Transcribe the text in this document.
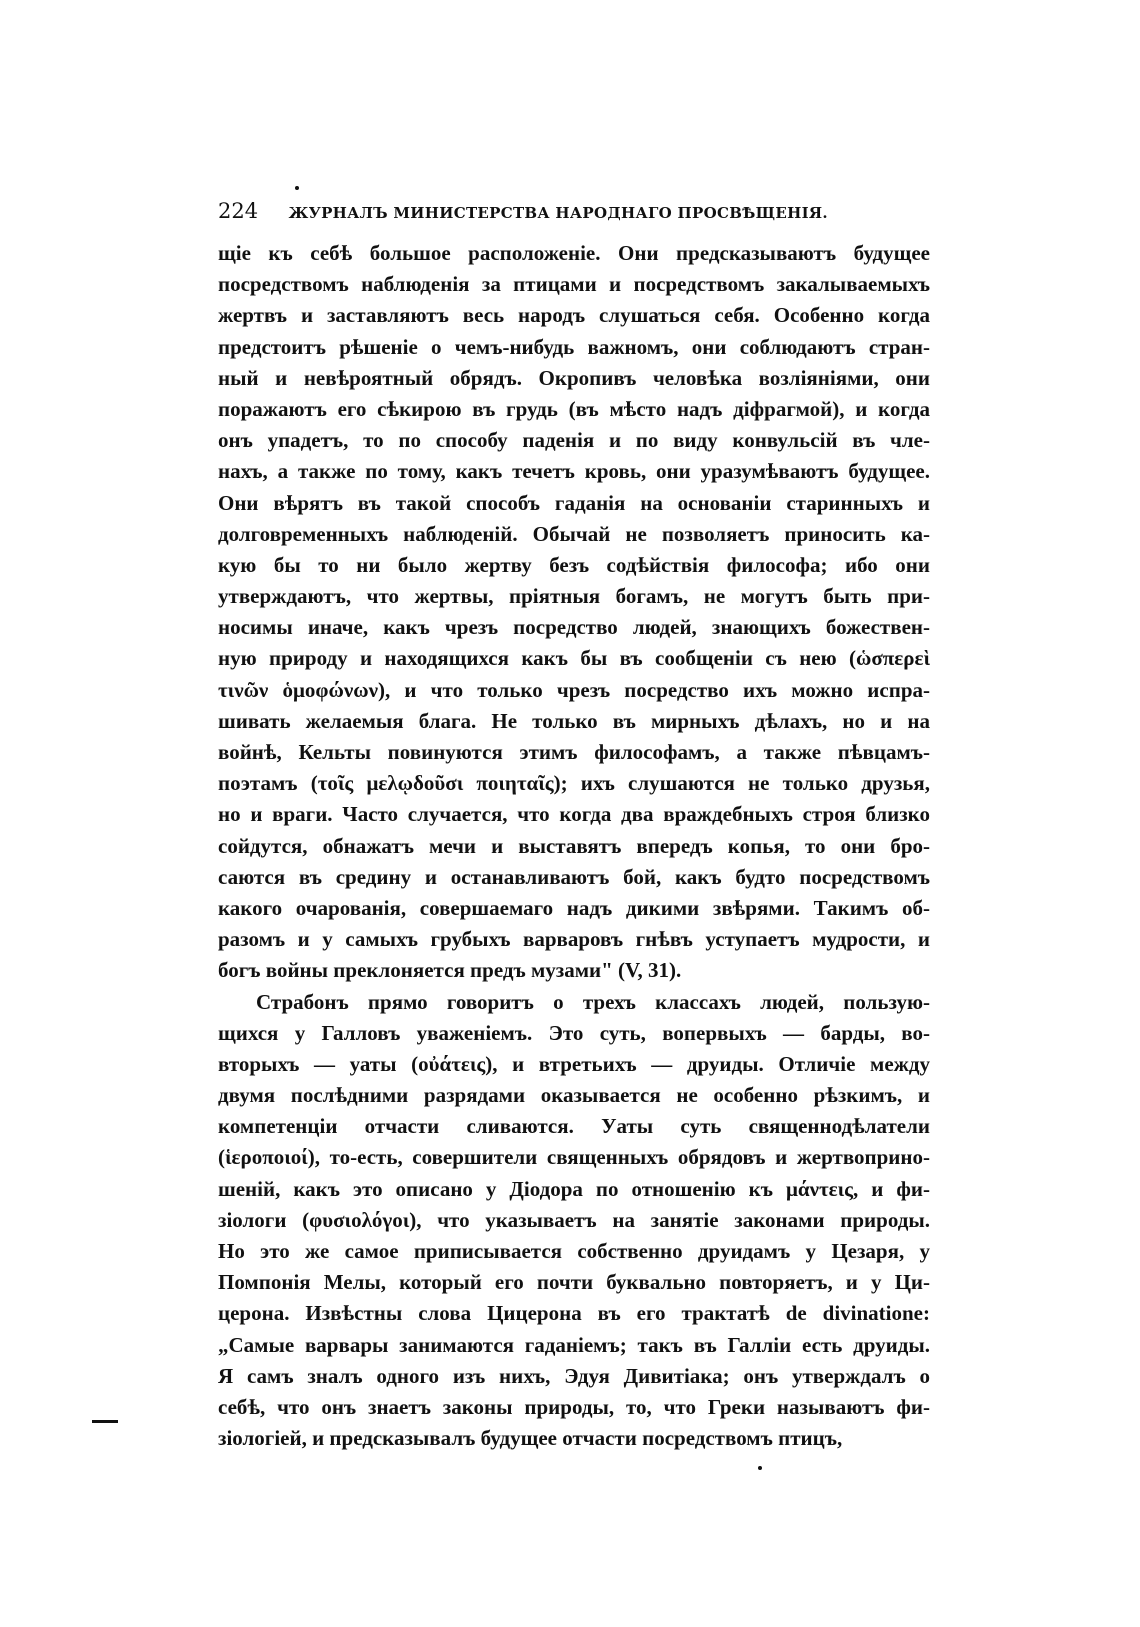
224 ЖУРНАЛЪ МИНИСТЕРСТВА НАРОДНАГО ПРОСВѢЩЕНІЯ.
щіе къ себѣ большое расположеніе. Они предсказываютъ будущее
посредствомъ наблюденія за птицами и посредствомъ закалываемыхъ
жертвъ и заставляютъ весь народъ слушаться себя. Особенно когда
предстоитъ рѣшеніе о чемъ-нибудь важномъ, они соблюдаютъ стран-
ный и невѣроятный обрядъ. Окропивъ человѣка возліяніями, они
поражаютъ его сѣкирою въ грудь (въ мѣсто надъ діфрагмой), и когда
онъ упадетъ, то по способу паденія и по виду конвульсій въ чле-
нахъ, а также по тому, какъ течетъ кровь, они уразумѣваютъ будущее.
Они вѣрятъ въ такой способъ гаданія на основаніи старинныхъ и
долговременныхъ наблюденій. Обычай не позволяетъ приносить ка-
кую бы то ни было жертву безъ содѣйствія философа; ибо они
утверждаютъ, что жертвы, пріятныя богамъ, не могутъ быть при-
носимы иначе, какъ чрезъ посредство людей, знающихъ божествен-
ную природу и находящихся какъ бы въ сообщеніи съ нею (ὡσπερεὶ
τινῶν ὁμοφώνων), и что только чрезъ посредство ихъ можно испра-
шивать желаемыя блага. Не только въ мирныхъ дѣлахъ, но и на
войнѣ, Кельты повинуются этимъ философамъ, а также пѣвцамъ-
поэтамъ (τοῖς μελῳδοῦσι ποιηταῖς); ихъ слушаются не только друзья,
но и враги. Часто случается, что когда два враждебныхъ строя близко
сойдутся, обнажатъ мечи и выставятъ впередъ копья, то они бро-
саются въ средину и останавливаютъ бой, какъ будто посредствомъ
какого очарованія, совершаемаго надъ дикими звѣрями. Такимъ об-
разомъ и у самыхъ грубыхъ варваровъ гнѣвъ уступаетъ мудрости, и
богъ войны преклоняется предъ музами" (V, 31).
Страбонъ прямо говоритъ о трехъ классахъ людей, пользую-
щихся у Галловъ уваженіемъ. Это суть, вопервыхъ — барды, во-
вторыхъ — уаты (οὐάτεις), и втретьихъ — друиды. Отличіе между
двумя послѣдними разрядами оказывается не особенно рѣзкимъ, и
компетенціи отчасти сливаются. Уаты суть священнодѣлатели
(ἱεροποιοί), то-есть, совершители священныхъ обрядовъ и жертвоприно-
шеній, какъ это описано у Діодора по отношенію къ μάντεις, и фи-
зіологи (φυσιολόγοι), что указываетъ на занятіе законами природы.
Но это же самое приписывается собственно друидамъ у Цезаря, у
Помпонія Мелы, который его почти буквально повторяетъ, и у Ци-
церона. Извѣстны слова Цицерона въ его трактатѣ de divinatione:
„Самые варвары занимаются гаданіемъ; такъ въ Галліи есть друиды.
Я самъ зналъ одного изъ нихъ, Эдуя Дивитіака; онъ утверждалъ о
себѣ, что онъ знаетъ законы природы, то, что Греки называютъ фи-
зіологіей, и предсказывалъ будущее отчасти посредствомъ птицъ,
